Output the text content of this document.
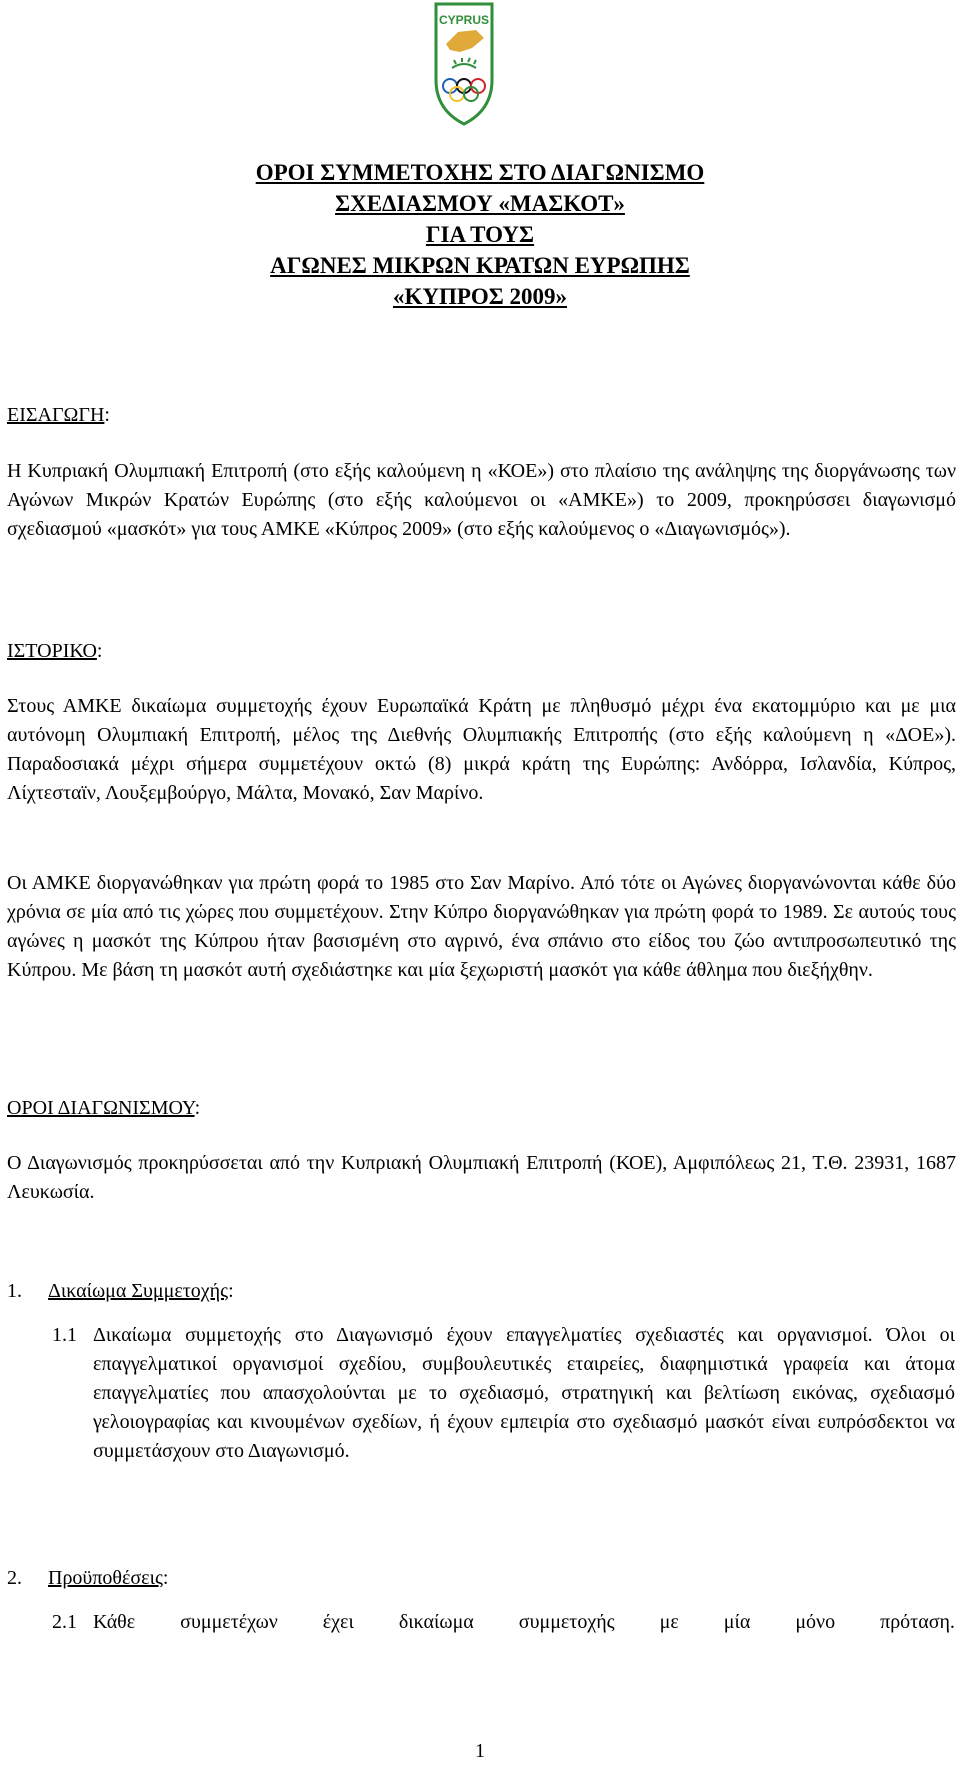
CYPRUS
ΟΡΟΙ ΣΥΜΜΕΤΟΧΗΣ ΣΤΟ ΔΙΑΓΩΝΙΣΜΟ
ΣΧΕΔΙΑΣΜΟΥ «ΜΑΣΚΟΤ»
ΓΙΑ ΤΟΥΣ
ΑΓΩΝΕΣ ΜΙΚΡΩΝ ΚΡΑΤΩΝ ΕΥΡΩΠΗΣ
«ΚΥΠΡΟΣ 2009»
ΕΙΣΑΓΩΓΗ:
Η Κυπριακή Ολυμπιακή Επιτροπή (στο εξής καλούμενη η «ΚΟΕ») στο πλαίσιο της ανάληψης της διοργάνωσης των Αγώνων Μικρών Κρατών Ευρώπης (στο εξής καλούμενοι οι «ΑΜΚΕ») το 2009, προκηρύσσει διαγωνισμό σχεδιασμού «μασκότ» για τους ΑΜΚΕ «Κύπρος 2009» (στο εξής καλούμενος ο «Διαγωνισμός»).
ΙΣΤΟΡΙΚΟ:
Στους ΑΜΚΕ δικαίωμα συμμετοχής έχουν Ευρωπαϊκά Κράτη με πληθυσμό μέχρι ένα εκατομμύριο και με μια αυτόνομη Ολυμπιακή Επιτροπή, μέλος της Διεθνής Ολυμπιακής Επιτροπής (στο εξής καλούμενη η «ΔΟΕ»). Παραδοσιακά μέχρι σήμερα συμμετέχουν οκτώ (8) μικρά κράτη της Ευρώπης: Ανδόρρα, Ισλανδία, Κύπρος, Λίχτεσταϊν, Λουξεμβούργο, Μάλτα, Μονακό, Σαν Μαρίνο.
Οι ΑΜΚΕ διοργανώθηκαν για πρώτη φορά το 1985 στο Σαν Μαρίνο. Από τότε οι Αγώνες διοργανώνονται κάθε δύο χρόνια σε μία από τις χώρες που συμμετέχουν. Στην Κύπρο διοργανώθηκαν για πρώτη φορά το 1989. Σε αυτούς τους αγώνες η μασκότ της Κύπρου ήταν βασισμένη στο αγρινό, ένα σπάνιο στο είδος του ζώο αντιπροσωπευτικό της Κύπρου. Με βάση τη μασκότ αυτή σχεδιάστηκε και μία ξεχωριστή μασκότ για κάθε άθλημα που διεξήχθην.
ΟΡΟΙ ΔΙΑΓΩΝΙΣΜΟΥ:
Ο Διαγωνισμός προκηρύσσεται από την Κυπριακή Ολυμπιακή Επιτροπή (ΚΟΕ), Αμφιπόλεως 21, Τ.Θ. 23931, 1687 Λευκωσία.
1. Δικαίωμα Συμμετοχής:
1.1 Δικαίωμα συμμετοχής στο Διαγωνισμό έχουν επαγγελματίες σχεδιαστές και οργανισμοί. Όλοι οι επαγγελματικοί οργανισμοί σχεδίου, συμβουλευτικές εταιρείες, διαφημιστικά γραφεία και άτομα επαγγελματίες που απασχολούνται με το σχεδιασμό, στρατηγική και βελτίωση εικόνας, σχεδιασμό γελοιογραφίας και κινουμένων σχεδίων, ή έχουν εμπειρία στο σχεδιασμό μασκότ είναι ευπρόσδεκτοι να συμμετάσχουν στο Διαγωνισμό.
2. Προϋποθέσεις:
2.1 Κάθε συμμετέχων έχει δικαίωμα συμμετοχής με μία μόνο πρόταση.
1
